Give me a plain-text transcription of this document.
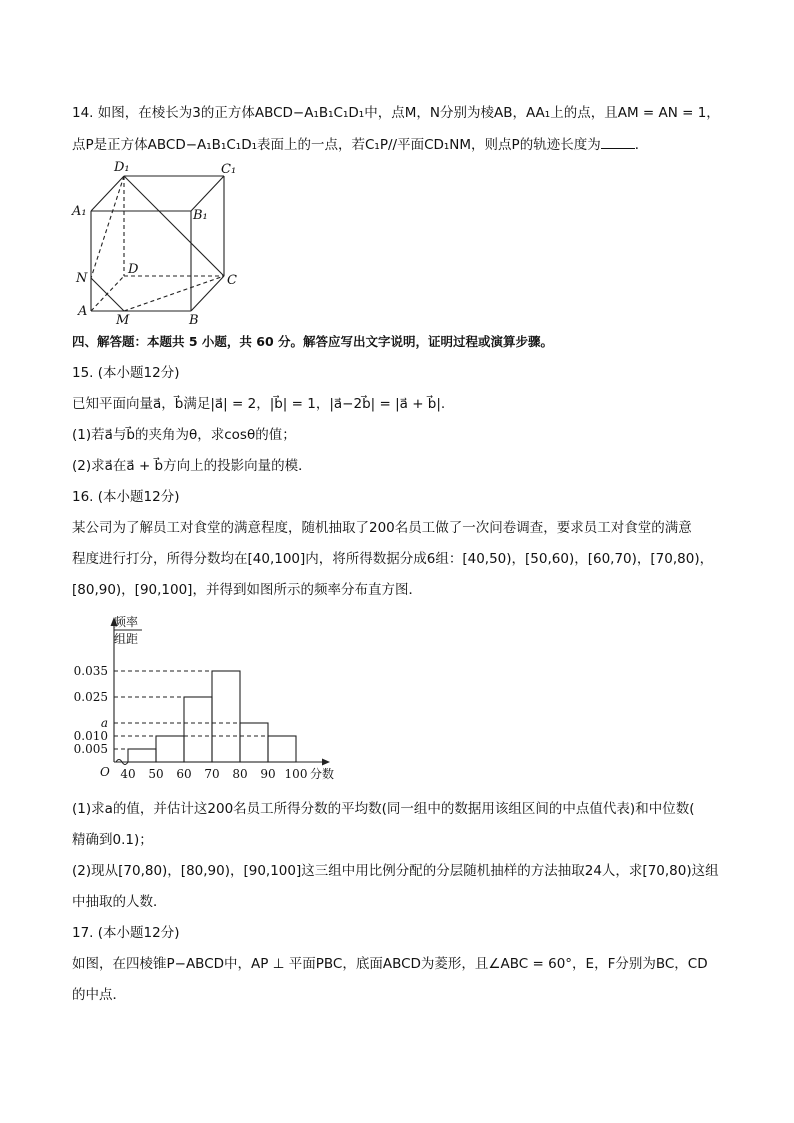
14. 如图，在棱长为3的正方体ABCD−A₁B₁C₁D₁中，点M，N分别为棱AB，AA₁上的点，且AM = AN = 1，
点P是正方体ABCD−A₁B₁C₁D₁表面上的一点，若C₁P//平面CD₁NM，则点P的轨迹长度为	．
D₁	C₁
A₁	B₁
D
C
N
A
M	B
四、解答题：本题共 5 小题，共 60 分。解答应写出文字说明，证明过程或演算步骤。
15. (本小题12分)
已知平面向量a⃗，b⃗满足|a⃗| = 2，|b⃗| = 1，|a⃗−2b⃗| = |a⃗ + b⃗|.
(1)若a⃗与b⃗的夹角为θ，求cosθ的值；
(2)求a⃗在a⃗ + b⃗方向上的投影向量的模．
16. (本小题12分)
某公司为了解员工对食堂的满意程度，随机抽取了200名员工做了一次问卷调查，要求员工对食堂的满意
程度进行打分，所得分数均在[40,100]内，将所得数据分成6组：[40,50)，[50,60)，[60,70)，[70,80)，
[80,90)，[90,100]，并得到如图所示的频率分布直方图．
0.005
0.010
a
0.025
0.035
40 50 60 70 80 90 100
O	分数
频率
组距
(1)求a的值，并估计这200名员工所得分数的平均数(同一组中的数据用该组区间的中点值代表)和中位数(
精确到0.1)；
(2)现从[70,80)，[80,90)，[90,100]这三组中用比例分配的分层随机抽样的方法抽取24人，求[70,80)这组
中抽取的人数．
17. (本小题12分)
如图，在四棱锥P−ABCD中，AP ⊥ 平面PBC，底面ABCD为菱形，且∠ABC = 60°，E，F分别为BC，CD
的中点．
